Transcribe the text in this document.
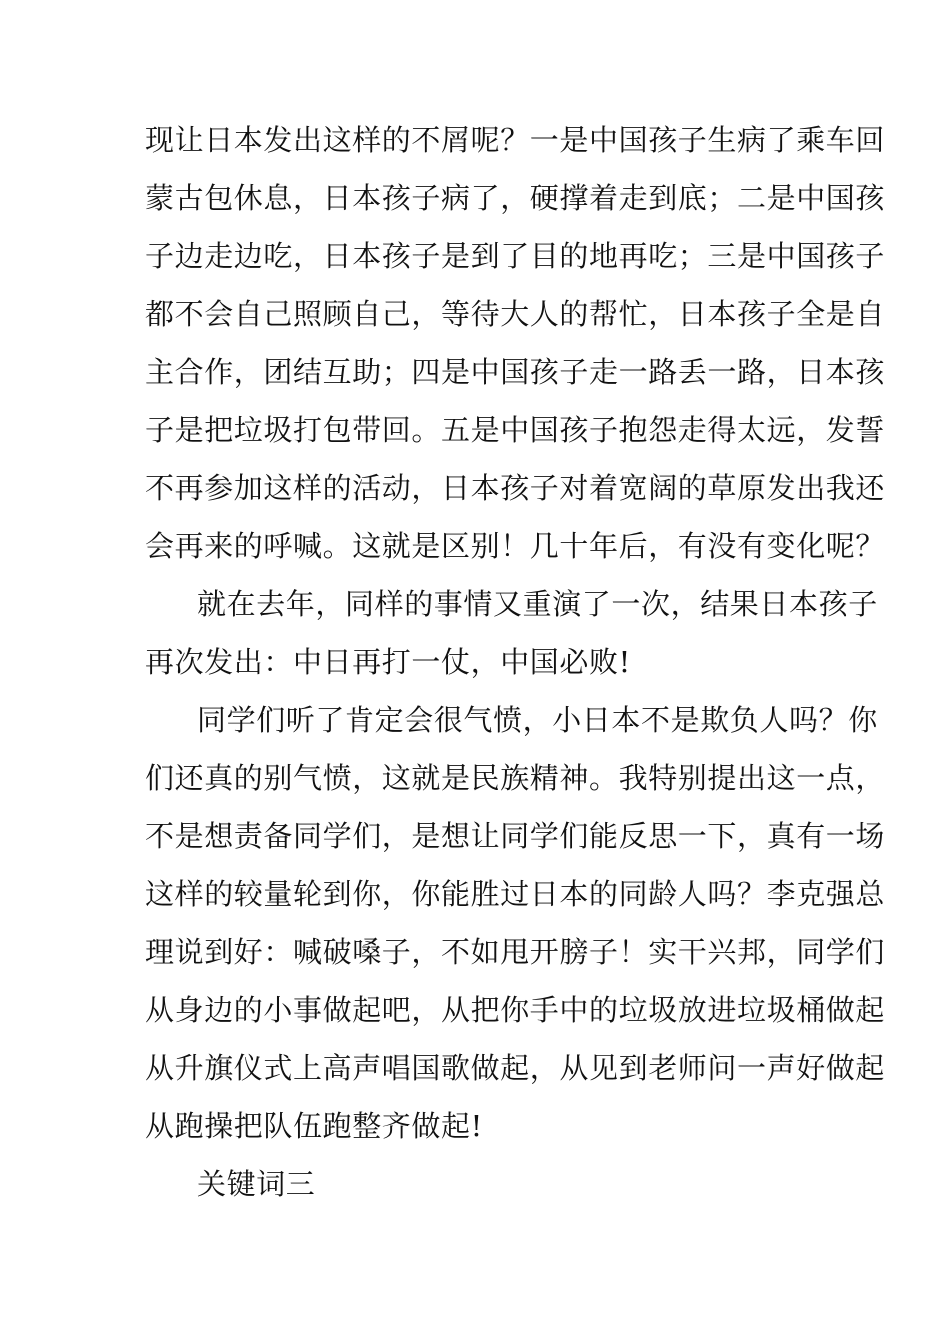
现让日本发出这样的不屑呢？一是中国孩子生病了乘车回
蒙古包休息，日本孩子病了，硬撑着走到底；二是中国孩
子边走边吃，日本孩子是到了目的地再吃；三是中国孩子
都不会自己照顾自己，等待大人的帮忙，日本孩子全是自
主合作，团结互助；四是中国孩子走一路丢一路，日本孩
子是把垃圾打包带回。五是中国孩子抱怨走得太远，发誓
不再参加这样的活动，日本孩子对着宽阔的草原发出我还
会再来的呼喊。这就是区别！几十年后，有没有变化呢？
就在去年，同样的事情又重演了一次，结果日本孩子
再次发出：中日再打一仗，中国必败!
同学们听了肯定会很气愤，小日本不是欺负人吗？你
们还真的别气愤，这就是民族精神。我特别提出这一点，
不是想责备同学们，是想让同学们能反思一下，真有一场
这样的较量轮到你，你能胜过日本的同龄人吗？李克强总
理说到好：喊破嗓子，不如甩开膀子！实干兴邦，同学们
从身边的小事做起吧，从把你手中的垃圾放进垃圾桶做起
从升旗仪式上高声唱国歌做起，从见到老师问一声好做起
从跑操把队伍跑整齐做起!
关键词三
